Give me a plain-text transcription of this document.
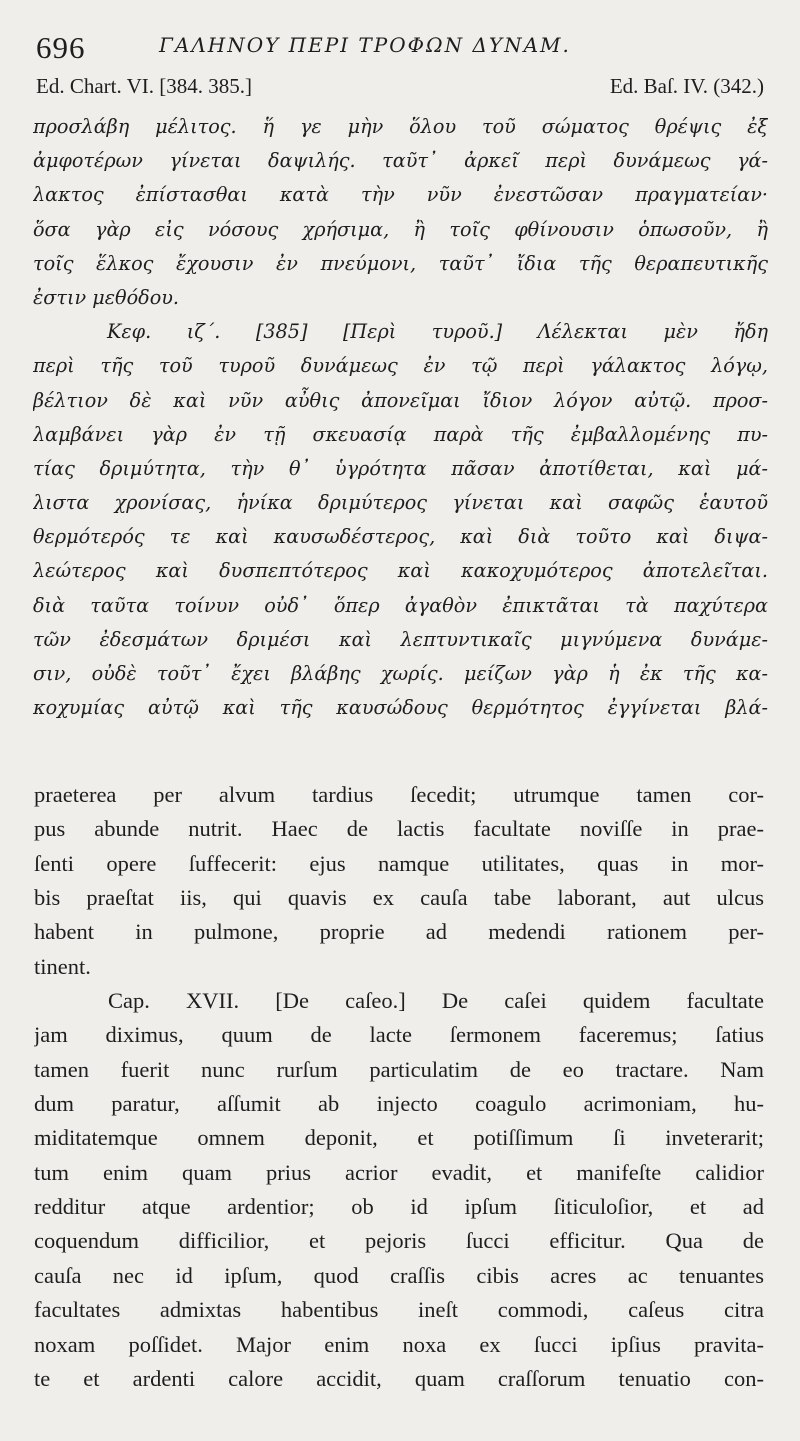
696	ΓΑΛΗΝΟΥ ΠΕΡΙ ΤΡΟΦΩΝ ΔΥΝΑΜ.
Ed. Chart. VI. [384. 385.]	Ed. Baſ. IV. (342.)
προσλάβη μέλιτος. ἥ γε μὴν ὅλου τοῦ σώματος θρέψις ἐξ
ἀμφοτέρων γίνεται δαψιλής. ταῦτ᾽ ἀρκεῖ περὶ δυνάμεως γά-
λακτος ἐπίστασθαι κατὰ τὴν νῦν ἐνεστῶσαν πραγματείαν·
ὅσα γὰρ εἰς νόσους χρήσιμα, ἢ τοῖς φθίνουσιν ὁπωσοῦν, ἢ
τοῖς ἕλκος ἔχουσιν ἐν πνεύμονι, ταῦτ᾽ ἴδια τῆς θεραπευτικῆς
ἐστιν μεθόδου.
Κεφ. ιζ΄. [385] [Περὶ τυροῦ.] Λέλεκται μὲν ἤδη
περὶ τῆς τοῦ τυροῦ δυνάμεως ἐν τῷ περὶ γάλακτος λόγῳ,
βέλτιον δὲ καὶ νῦν αὖθις ἀπονεῖμαι ἴδιον λόγον αὐτῷ. προσ-
λαμβάνει γὰρ ἐν τῇ σκευασίᾳ παρὰ τῆς ἐμβαλλομένης πυ-
τίας δριμύτητα, τὴν θ᾽ ὑγρότητα πᾶσαν ἀποτίθεται, καὶ μά-
λιστα χρονίσας, ἡνίκα δριμύτερος γίνεται καὶ σαφῶς ἑαυτοῦ
θερμότερός τε καὶ καυσωδέστερος, καὶ διὰ τοῦτο καὶ διψα-
λεώτερος καὶ δυσπεπτότερος καὶ κακοχυμότερος ἀποτελεῖται.
διὰ ταῦτα τοίνυν οὐδ᾽ ὅπερ ἀγαθὸν ἐπικτᾶται τὰ παχύτερα
τῶν ἐδεσμάτων δριμέσι καὶ λεπτυντικαῖς μιγνύμενα δυνάμε-
σιν, οὐδὲ τοῦτ᾽ ἔχει βλάβης χωρίς. μείζων γὰρ ἡ ἐκ τῆς κα-
κοχυμίας αὐτῷ καὶ τῆς καυσώδους θερμότητος ἐγγίνεται βλά-
praeterea per alvum tardius ſecedit; utrumque tamen cor-
pus abunde nutrit. Haec de lactis facultate noviſſe in prae-
ſenti opere ſuffecerit: ejus namque utilitates, quas in mor-
bis praeſtat iis, qui quavis ex cauſa tabe laborant, aut ulcus
habent in pulmone, proprie ad medendi rationem per-
tinent.
Cap. XVII. [De caſeo.] De caſei quidem facultate
jam diximus, quum de lacte ſermonem faceremus; ſatius
tamen fuerit nunc rurſum particulatim de eo tractare. Nam
dum paratur, aſſumit ab injecto coagulo acrimoniam, hu-
miditatemque omnem deponit, et potiſſimum ſi inveterarit;
tum enim quam prius acrior evadit, et manifeſte calidior
redditur atque ardentior; ob id ipſum ſiticuloſior, et ad
coquendum difficilior, et pejoris ſucci efficitur. Qua de
cauſa nec id ipſum, quod craſſis cibis acres ac tenuantes
facultates admixtas habentibus ineſt commodi, caſeus citra
noxam poſſidet. Major enim noxa ex ſucci ipſius pravita-
te et ardenti calore accidit, quam craſſorum tenuatio con-
